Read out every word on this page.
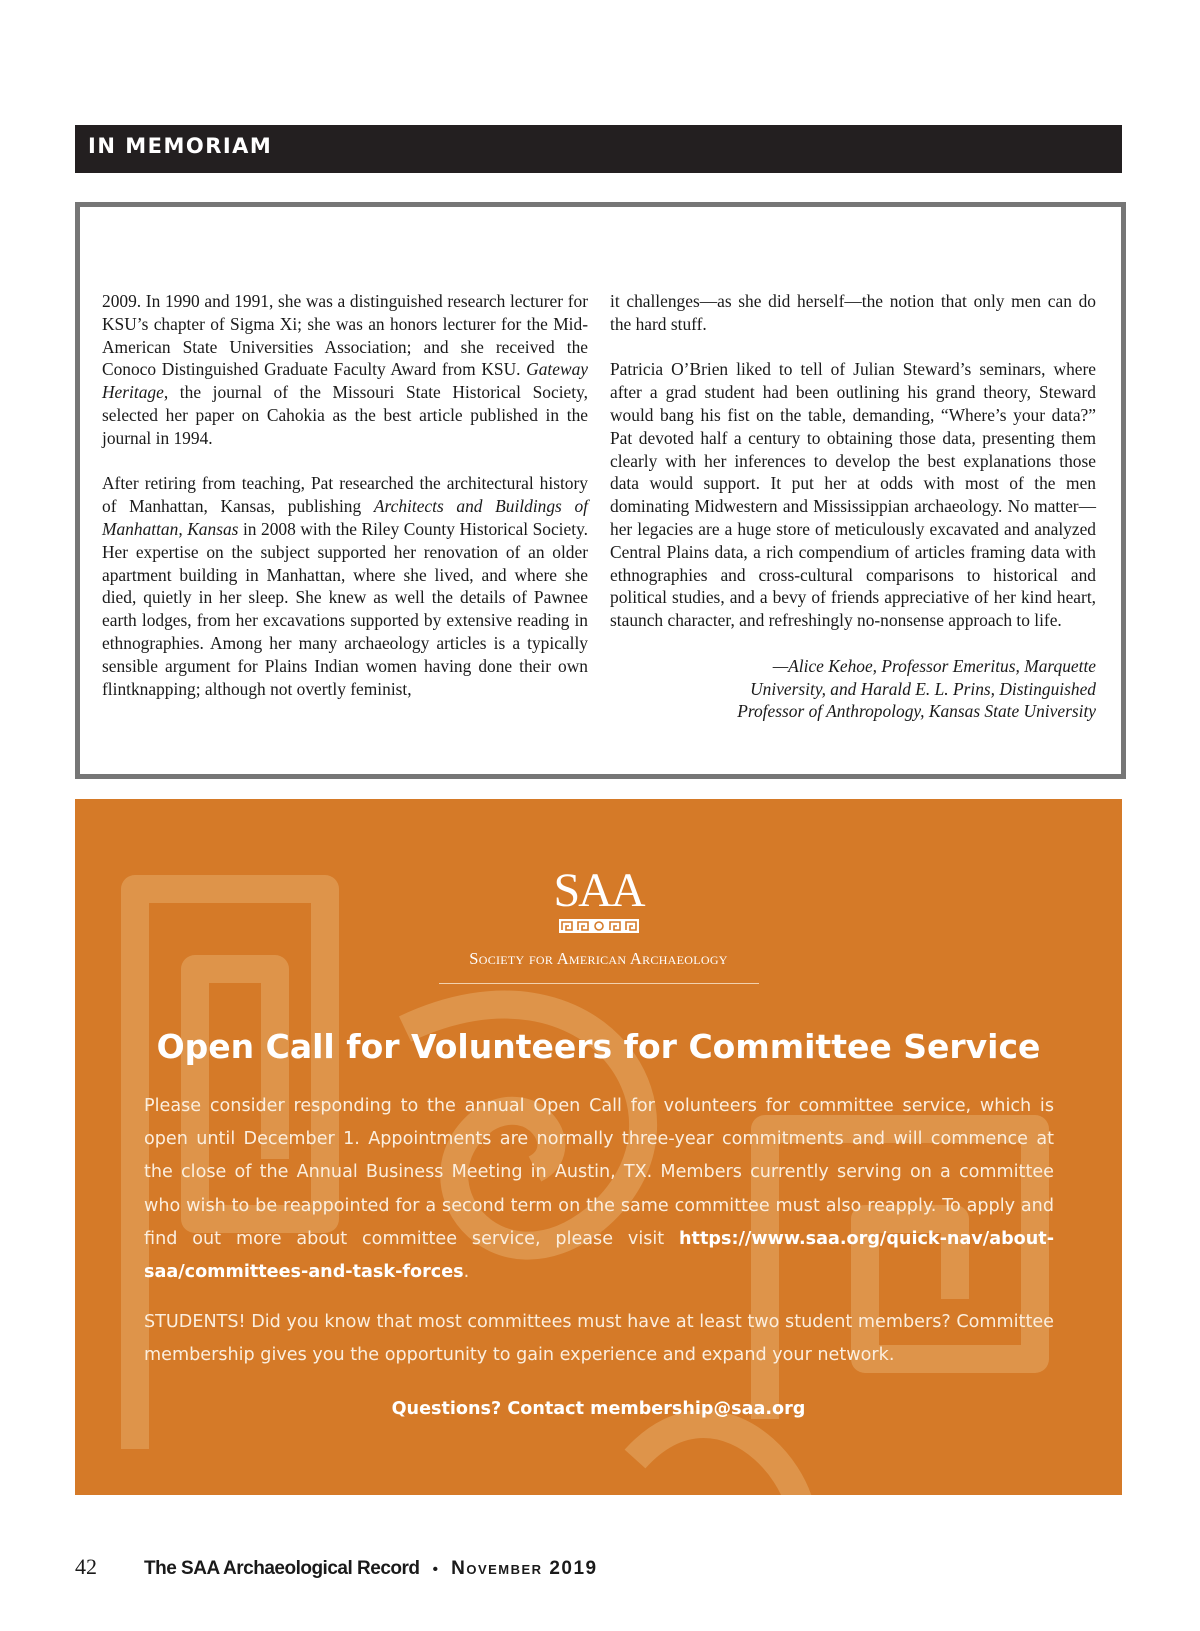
IN MEMORIAM

2009. In 1990 and 1991, she was a distinguished research lecturer for KSU’s chapter of Sigma Xi; she was an honors lecturer for the Mid-American State Universities Association; and she received the Conoco Distinguished Graduate Faculty Award from KSU. Gateway Heritage, the journal of the Missouri State Historical Society, selected her paper on Cahokia as the best article published in the journal in 1994.

After retiring from teaching, Pat researched the architectural history of Manhattan, Kansas, publishing Architects and Buildings of Manhattan, Kansas in 2008 with the Riley County Historical Society. Her expertise on the subject supported her renovation of an older apartment building in Manhattan, where she lived, and where she died, quietly in her sleep. She knew as well the details of Pawnee earth lodges, from her excavations supported by extensive reading in ethnographies. Among her many archaeology articles is a typically sensible argument for Plains Indian women having done their own flintknapping; although not overtly feminist,

it challenges—as she did herself—the notion that only men can do the hard stuff.

Patricia O’Brien liked to tell of Julian Steward’s seminars, where after a grad student had been outlining his grand theory, Steward would bang his fist on the table, demanding, “Where’s your data?” Pat devoted half a century to obtaining those data, presenting them clearly with her inferences to develop the best explanations those data would support. It put her at odds with most of the men dominating Midwestern and Mississippian archaeology. No matter—her legacies are a huge store of meticulously excavated and analyzed Central Plains data, a rich compendium of articles framing data with ethnographies and cross-cultural comparisons to historical and political studies, and a bevy of friends appreciative of her kind heart, staunch character, and refreshingly no-nonsense approach to life.

—Alice Kehoe, Professor Emeritus, Marquette
University, and Harald E. L. Prins, Distinguished
Professor of Anthropology, Kansas State University

SAA
Society for American Archaeology
Open Call for Volunteers for Committee Service

Please consider responding to the annual Open Call for volunteers for committee service, which is open until December 1. Appointments are normally three-year commitments and will commence at the close of the Annual Business Meeting in Austin, TX. Members currently serving on a committee who wish to be reappointed for a second term on the same committee must also reapply. To apply and find out more about committee service, please visit https://www.saa.org/quick-nav/about-saa/committees-and-task-forces.

STUDENTS! Did you know that most committees must have at least two student members? Committee membership gives you the opportunity to gain experience and expand your network.

Questions? Contact membership@saa.org
42 The SAA Archaeological Record • November 2019
